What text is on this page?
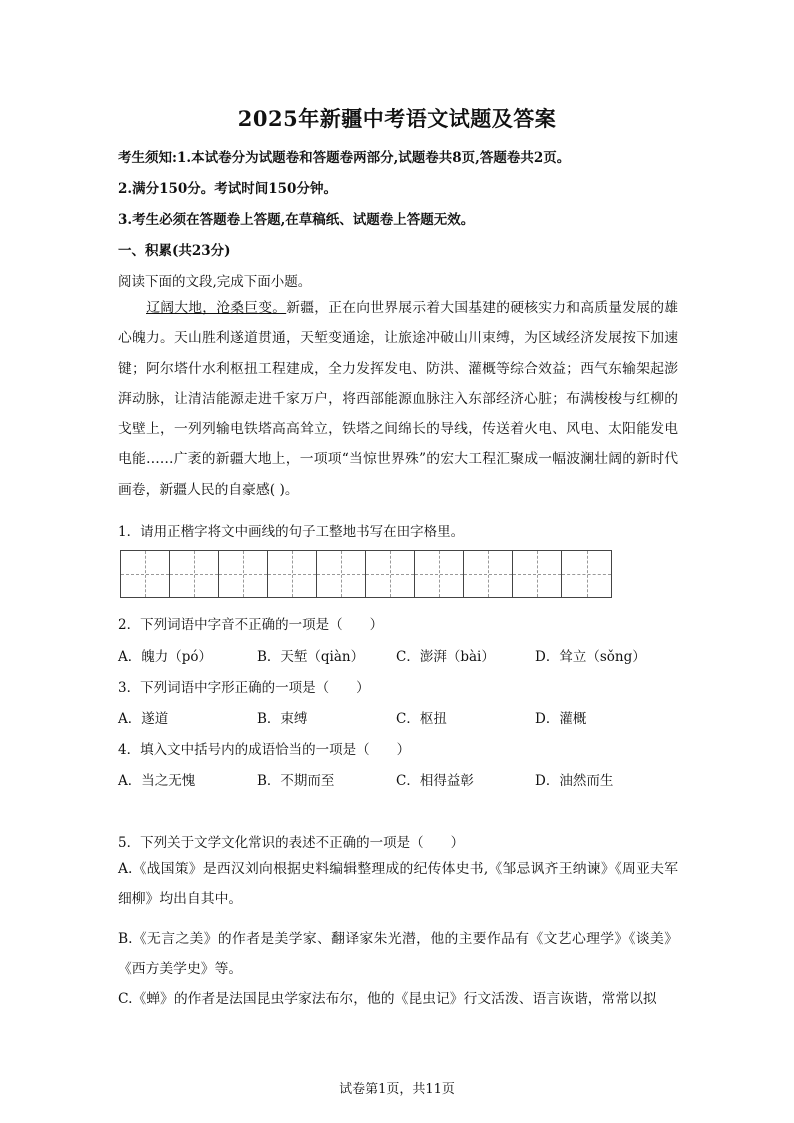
2025年新疆中考语文试题及答案
考生须知:1.本试卷分为试题卷和答题卷两部分,试题卷共8页,答题卷共2页。
2.满分150分。考试时间150分钟。
3.考生必须在答题卷上答题,在草稿纸、试题卷上答题无效。
一、积累(共23分)
阅读下面的文段,完成下面小题。
辽阔大地，沧桑巨变。新疆，正在向世界展示着大国基建的硬核实力和高质量发展的雄心魄力。天山胜利遂道贯通，天堑变通途，让旅途冲破山川束缚，为区域经济发展按下加速键；阿尔塔什水利枢扭工程建成，全力发挥发电、防洪、灌概等综合效益；西气东输架起澎湃动脉，让清洁能源走进千家万户，将西部能源血脉注入东部经济心脏；布满梭梭与红柳的戈壁上，一列列输电铁塔高高耸立，铁塔之间绵长的导线，传送着火电、风电、太阳能发电电能……广袤的新疆大地上，一项项“当惊世界殊”的宏大工程汇聚成一幅波澜壮阔的新时代画卷，新疆人民的自豪感( )。
1．请用正楷字将文中画线的句子工整地书写在田字格里。
2．下列词语中字音不正确的一项是（　　）
A．魄力（pó）	B．天堑（qiàn）	C．澎湃（bài）	D．耸立（sǒng）
3．下列词语中字形正确的一项是（　　）
A．遂道	B．束缚	C．枢扭	D．灌概
4．填入文中括号内的成语恰当的一项是（　　）
A．当之无愧	B．不期而至	C．相得益彰	D．油然而生
5．下列关于文学文化常识的表述不正确的一项是（　　）
A.《战国策》是西汉刘向根据史料编辑整理成的纪传体史书,《邹忌讽齐王纳谏》《周亚夫军细柳》均出自其中。
B.《无言之美》的作者是美学家、翻译家朱光潜，他的主要作品有《文艺心理学》《谈美》《西方美学史》等。
C.《蝉》的作者是法国昆虫学家法布尔，他的《昆虫记》行文活泼、语言诙谐，常常以拟
试卷第1页，共11页
